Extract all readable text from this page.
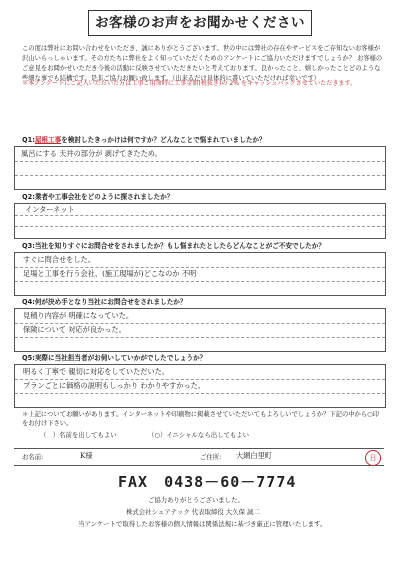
お客様のお声をお聞かせください
この度は弊社にお問い合わせをいただき、誠にありがとうございます。世の中には弊社の存在やサービスをご存知ないお客様が沢山いらっしゃいます。その方たちに弊社をよく知っていただくためのアンケートにご協力いただけますでしょうか？ お客様のご意見をお聞かせいただき今後の活動に反映させていただきたいと考えております。良かったこと、嬉しかったことどのような些細な事でも結構です。是非ご協力お願い致します。（出来るだけ具体的に書いていただければ幸いです）
＊本アンケートにご記入いただいた方は工事ご用命時に工事金額(税抜き)の 2% をキャッシュバックさせていただきます。
Q1:屋根工事を検討したきっかけは何ですか？どんなことで悩まれていましたか？
風呂にする 天井の部分が 剥げてきたため。
Q2:業者や工事会社をどのように探されましたか？
インターネット
Q3:当社を知りすぐにお問合せをされましたか？もし悩まれたとしたらどんなことがご不安でしたか？
すぐに問合せをした。
足場と工事を行う会社、(施工現場が)どこなのか 不明
Q4:何が決め手となり当社にお問合せをされましたか？
見積り内容が 明確になっていた。
保険について 対応が良かった。
Q5:実際に当社担当者がお伺いしていかがでしたでしょうか？
明るく丁寧で 親切に対応をしていただいた。
プランごとに価格の説明もしっかり わかりやすかった。
＊上記についてお願いがあります。インターネットや印刷物に掲載させていただいてもよろしいでしょうか？下記の中から○印をお付け下さい。
（　）名前を出してもよい	（○）イニシャルなら出してもよい
お名前:	K様	ご住所: 大網白里町	日
FAX　0438－60－7774
ご協力ありがとうございました。
株式会社シェアテック 代表取締役 大久保 誠二
当アンケートで取得したお客様の個人情報は関係法規に基づき厳正に管理いたします。
